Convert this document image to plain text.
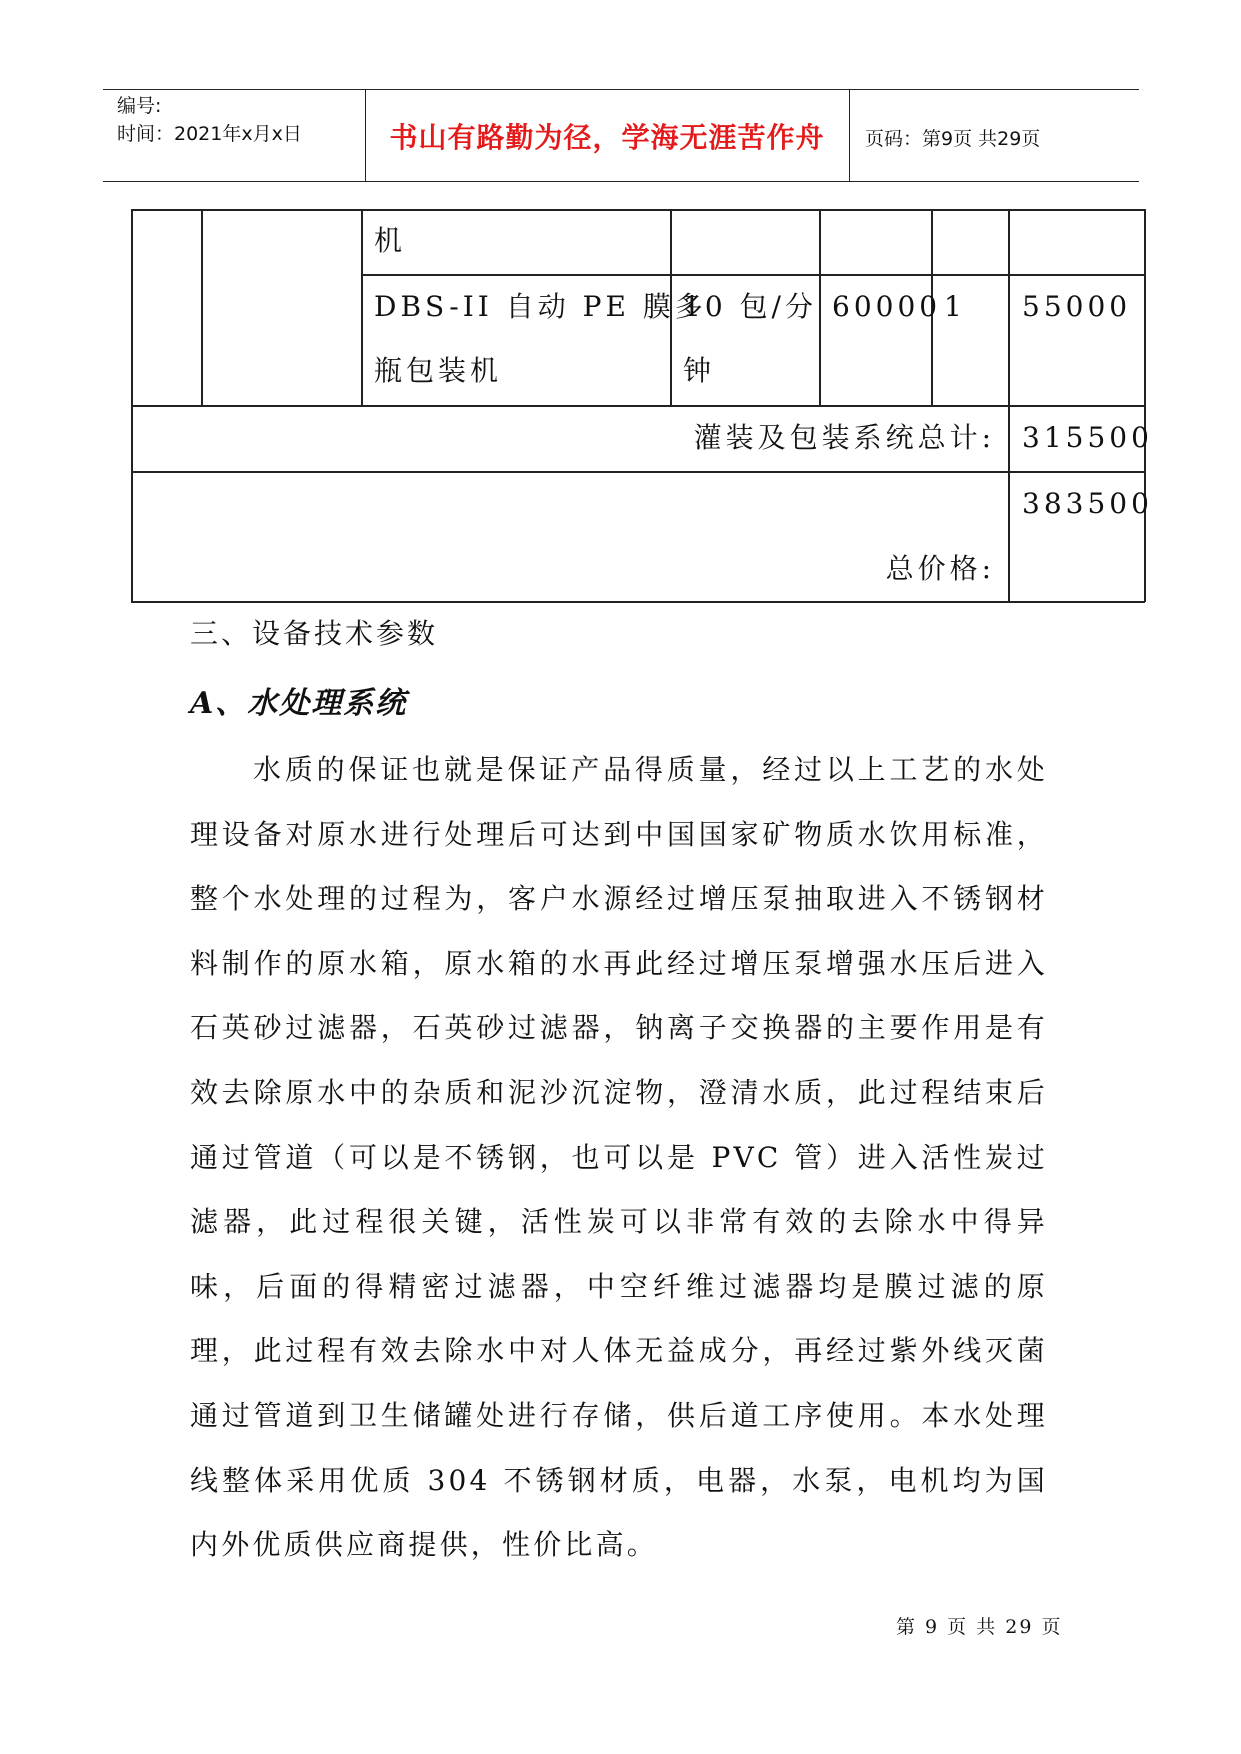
编号:
时间：2021年x月x日	书山有路勤为径，学海无涯苦作舟	页码：第9页 共29页
机
DBS-II 自动 PE 膜多
瓶包装机
10 包/分
钟
60000 1 55000
灌装及包装系统总计: 315500
总价格:
383500
三、设备技术参数
A、水处理系统

水质的保证也就是保证产品得质量，经过以上工艺的水处理设备对原水进行处理后可达到中国国家矿物质水饮用标准，整个水处理的过程为，客户水源经过增压泵抽取进入不锈钢材料制作的原水箱，原水箱的水再此经过增压泵增强水压后进入石英砂过滤器，石英砂过滤器，钠离子交换器的主要作用是有效去除原水中的杂质和泥沙沉淀物，澄清水质，此过程结束后通过管道（可以是不锈钢，也可以是 PVC 管）进入活性炭过滤器，此过程很关键，活性炭可以非常有效的去除水中得异味，后面的得精密过滤器，中空纤维过滤器均是膜过滤的原理，此过程有效去除水中对人体无益成分，再经过紫外线灭菌通过管道到卫生储罐处进行存储，供后道工序使用。本水处理线整体采用优质 304 不锈钢材质，电器，水泵，电机均为国内外优质供应商提供，性价比高。

第 9 页 共 29 页
